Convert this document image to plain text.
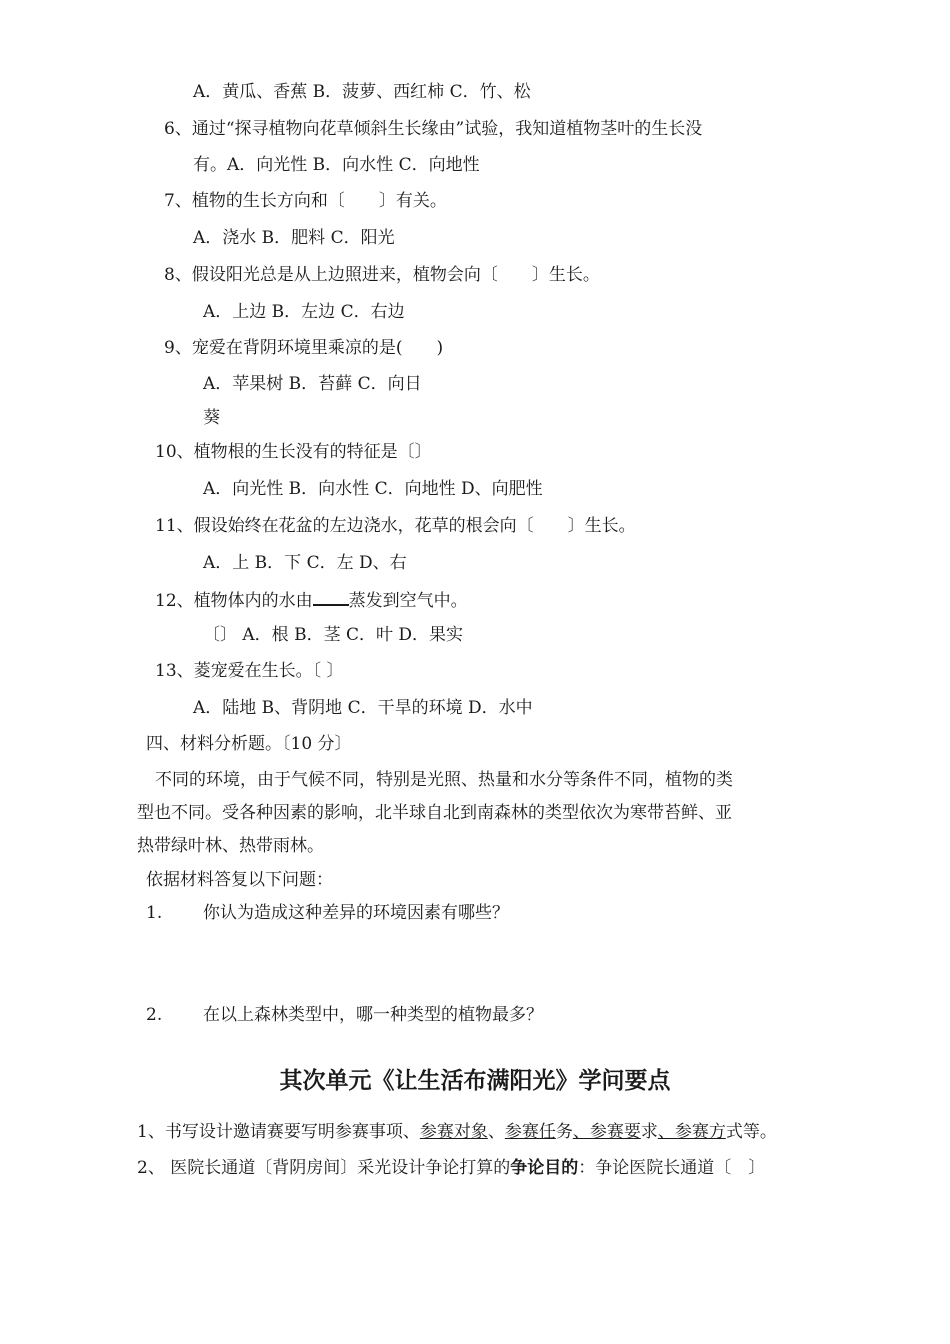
A．黄瓜、香蕉 B．菠萝、西红柿 C．竹、松
6、通过“探寻植物向花草倾斜生长缘由”试验，我知道植物茎叶的生长没
有。A．向光性 B．向水性 C．向地性
7、植物的生长方向和〔　　〕有关。
A．浇水 B．肥料 C．阳光
8、假设阳光总是从上边照进来，植物会向〔　　〕生长。
A．上边 B．左边 C．右边
9、宠爱在背阴环境里乘凉的是(　　)
A．苹果树 B．苔藓 C．向日
葵
10、植物根的生长没有的特征是〔〕
A．向光性 B．向水性 C．向地性 D、向肥性
11、假设始终在花盆的左边浇水，花草的根会向〔　　〕生长。
A．上 B．下 C．左 D、右
12、植物体内的水由 蒸发到空气中。
〔〕 A．根 B．茎 C．叶 D．果实
13、菱宠爱在生长。〔 〕
A．陆地 B、背阴地 C．干旱的环境 D．水中
四、材料分析题。〔10 分〕
不同的环境，由于气候不同，特别是光照、热量和水分等条件不同，植物的类
型也不同。受各种因素的影响，北半球自北到南森林的类型依次为寒带苔鲜、亚
热带绿叶林、热带雨林。
依据材料答复以下问题：
1. 你认为造成这种差异的环境因素有哪些？
2. 在以上森林类型中，哪一种类型的植物最多？
其次单元《让生活布满阳光》学问要点
1、书写设计邀请赛要写明参赛事项、参赛对象、参赛任务、参赛要求、参赛方式等。
2、 医院长通道〔背阴房间〕采光设计争论打算的争论目的：争论医院长通道〔　〕
